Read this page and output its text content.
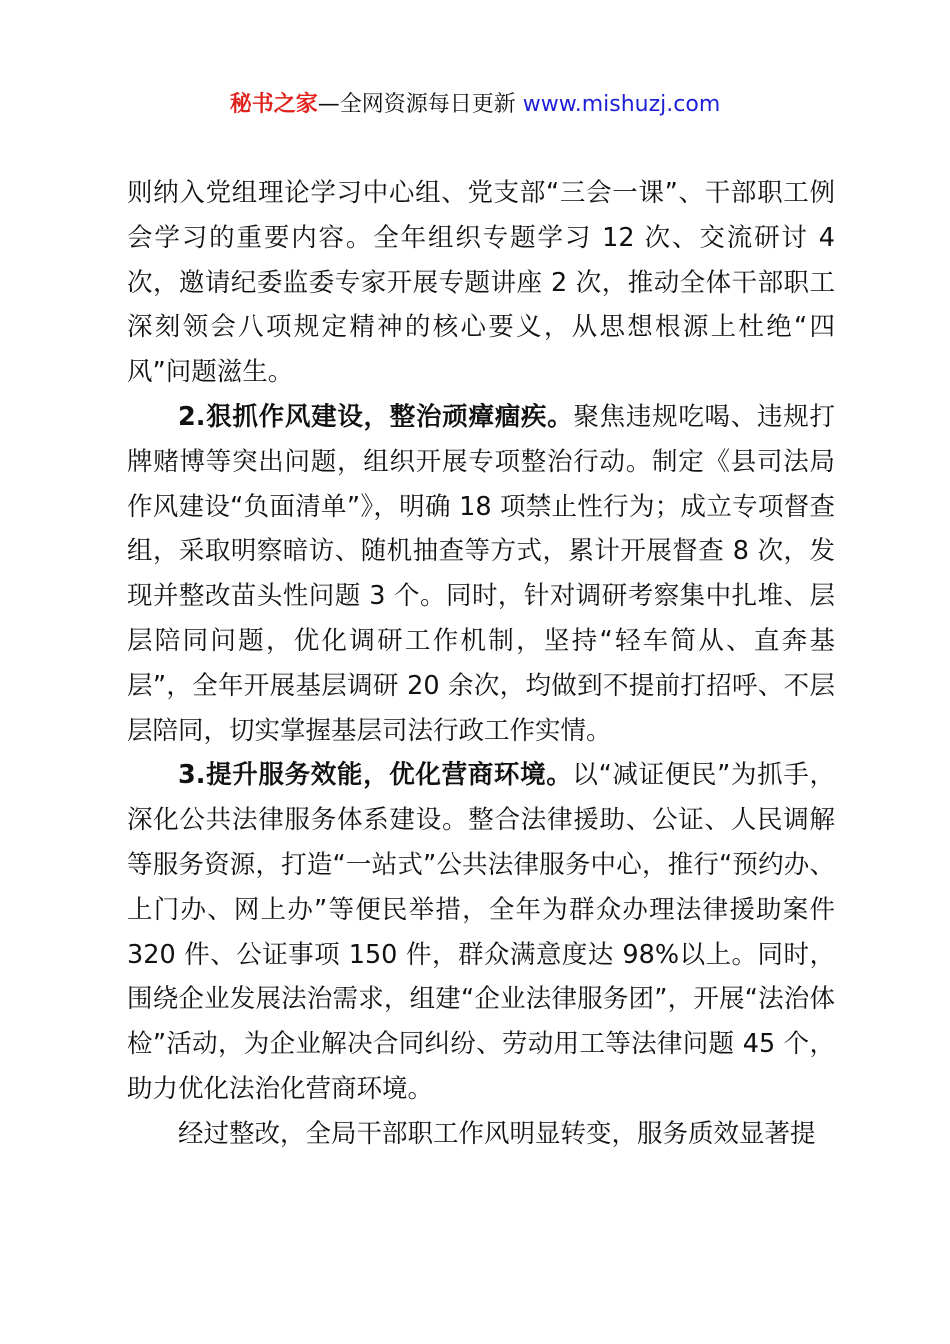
秘书之家—全网资源每日更新 www.mishuzj.com

则纳入党组理论学习中心组、党支部“三会一课”、干部职工例会学习的重要内容。全年组织专题学习 12 次、交流研讨 4 次，邀请纪委监委专家开展专题讲座 2 次，推动全体干部职工深刻领会八项规定精神的核心要义，从思想根源上杜绝“四风”问题滋生。

2.狠抓作风建设，整治顽瘴痼疾。聚焦违规吃喝、违规打牌赌博等突出问题，组织开展专项整治行动。制定《县司法局作风建设“负面清单”》，明确 18 项禁止性行为；成立专项督查组，采取明察暗访、随机抽查等方式，累计开展督查 8 次，发现并整改苗头性问题 3 个。同时，针对调研考察集中扎堆、层层陪同问题，优化调研工作机制，坚持“轻车简从、直奔基层”，全年开展基层调研 20 余次，均做到不提前打招呼、不层层陪同，切实掌握基层司法行政工作实情。

3.提升服务效能，优化营商环境。以“减证便民”为抓手，深化公共法律服务体系建设。整合法律援助、公证、人民调解等服务资源，打造“一站式”公共法律服务中心，推行“预约办、上门办、网上办”等便民举措，全年为群众办理法律援助案件 320 件、公证事项 150 件，群众满意度达 98%以上。同时，围绕企业发展法治需求，组建“企业法律服务团”，开展“法治体检”活动，为企业解决合同纠纷、劳动用工等法律问题 45 个，助力优化法治化营商环境。

经过整改，全局干部职工作风明显转变，服务质效显著提
